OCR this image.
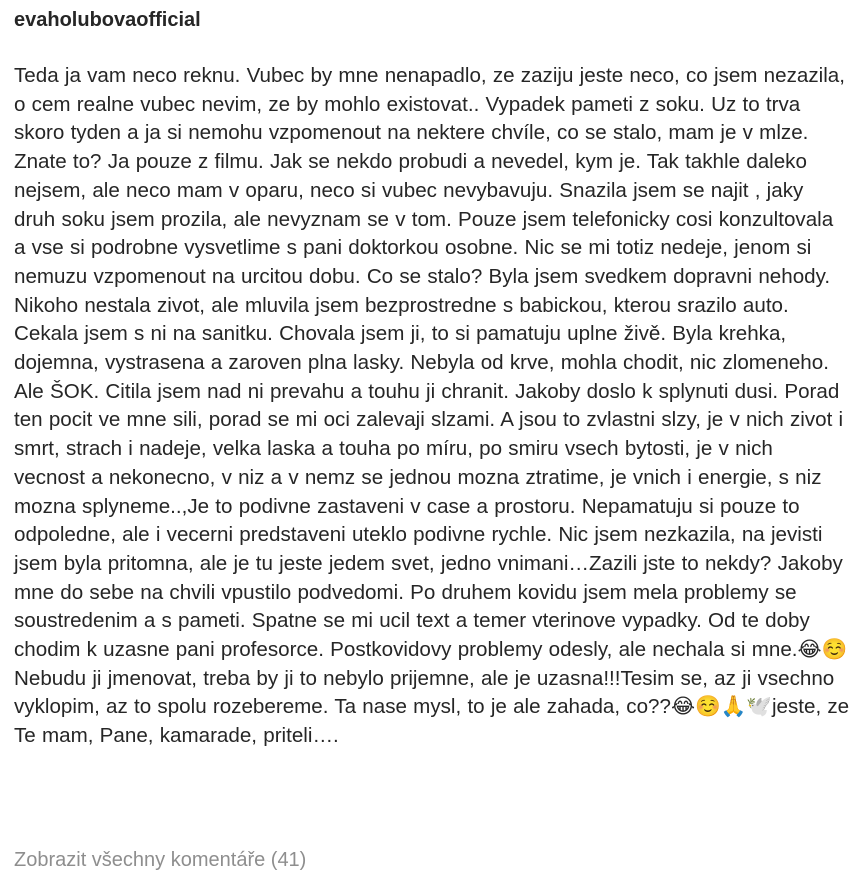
evaholubovaofficial
Teda ja vam neco reknu. Vubec by mne nenapadlo, ze zaziju jeste neco, co jsem nezazila, o cem realne vubec nevim, ze by mohlo existovat.. Vypadek pameti z soku. Uz to trva skoro tyden a ja si nemohu vzpomenout na nektere chvíle, co se stalo, mam je v mlze. Znate to? Ja pouze z filmu. Jak se nekdo probudi a nevedel, kym je. Tak takhle daleko nejsem, ale neco mam v oparu, neco si vubec nevybavuju. Snazila jsem se najit , jaky druh soku jsem prozila, ale nevyznam se v tom. Pouze jsem telefonicky cosi konzultovala a vse si podrobne vysvetlime s pani doktorkou osobne. Nic se mi totiz nedeje, jenom si nemuzu vzpomenout na urcitou dobu. Co se stalo? Byla jsem svedkem dopravni nehody. Nikoho nestala zivot, ale mluvila jsem bezprostredne s babickou, kterou srazilo auto. Cekala jsem s ni na sanitku. Chovala jsem ji, to si pamatuju uplne živě. Byla krehka, dojemna, vystrasena a zaroven plna lasky. Nebyla od krve, mohla chodit, nic zlomeneho. Ale ŠOK. Citila jsem nad ni prevahu a touhu ji chranit. Jakoby doslo k splynuti dusi. Porad ten pocit ve mne sili, porad se mi oci zalevaji slzami. A jsou to zvlastni slzy, je v nich zivot i smrt, strach i nadeje, velka laska a touha po míru, po smiru vsech bytosti, je v nich vecnost a nekonecno, v niz a v nemz se jednou mozna ztratime, je vnich i energie, s niz mozna splyneme..,Je to podivne zastaveni v case a prostoru. Nepamatuju si pouze to odpoledne, ale i vecerni predstaveni uteklo podivne rychle. Nic jsem nezkazila, na jevisti jsem byla pritomna, ale je tu jeste jedem svet, jedno vnimani…Zazili jste to nekdy? Jakoby mne do sebe na chvili vpustilo podvedomi. Po druhem kovidu jsem mela problemy se soustredenim a s pameti. Spatne se mi ucil text a temer vterinove vypadky. Od te doby chodim k uzasne pani profesorce. Postkovidovy problemy odesly, ale nechala si mne.😂☺️Nebudu ji jmenovat, treba by ji to nebylo prijemne, ale je uzasna!!!Tesim se, az ji vsechno vyklopim, az to spolu rozebereme. Ta nase mysl, to je ale zahada, co??😂☺️🙏🕊️jeste, ze Te mam, Pane, kamarade, priteli….
Zobrazit všechny komentáře (41)
